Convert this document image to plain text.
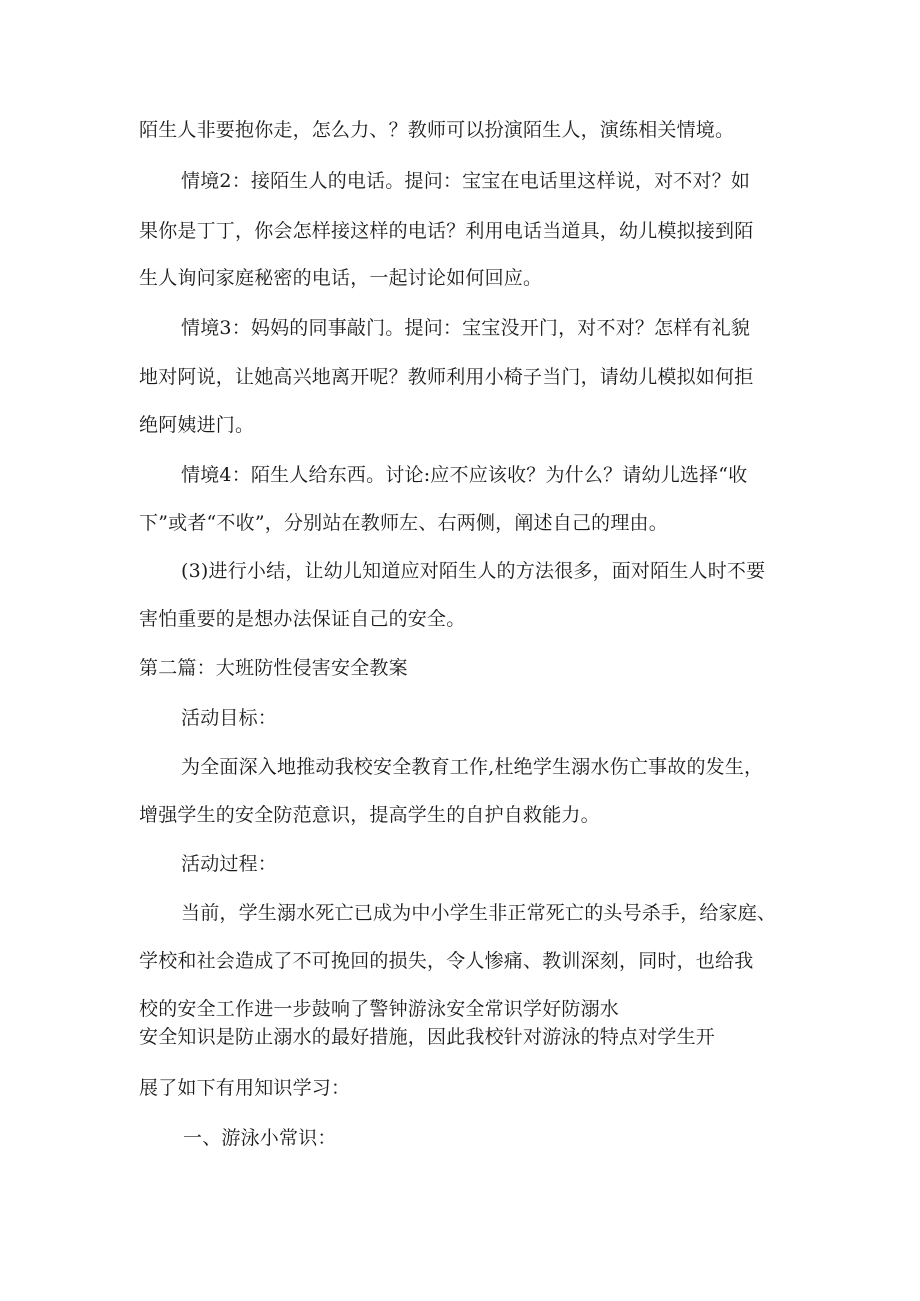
陌生人非要抱你走，怎么力、？教师可以扮演陌生人，演练相关情境。
情境2：接陌生人的电话。提问：宝宝在电话里这样说，对不对？如
果你是丁丁，你会怎样接这样的电话？利用电话当道具，幼儿模拟接到陌
生人询问家庭秘密的电话，一起讨论如何回应。
情境3：妈妈的同事敲门。提问：宝宝没开门，对不对？怎样有礼貌
地对阿说，让她高兴地离开呢？教师利用小椅子当门，请幼儿模拟如何拒
绝阿姨进门。
情境4：陌生人给东西。讨论:应不应该收？为什么？请幼儿选择“收
下”或者“不收”，分别站在教师左、右两侧，阐述自己的理由。
(3)进行小结，让幼儿知道应对陌生人的方法很多，面对陌生人时不要
害怕重要的是想办法保证自己的安全。
第二篇：大班防性侵害安全教案
活动目标：
为全面深入地推动我校安全教育工作,杜绝学生溺水伤亡事故的发生，
增强学生的安全防范意识，提高学生的自护自救能力。
活动过程：
当前，学生溺水死亡已成为中小学生非正常死亡的头号杀手，给家庭、
学校和社会造成了不可挽回的损失，令人惨痛、教训深刻，同时，也给我
校的安全工作进一步鼓响了警钟游泳安全常识学好防溺水
安全知识是防止溺水的最好措施，因此我校针对游泳的特点对学生开
展了如下有用知识学习：
一、游泳小常识：
